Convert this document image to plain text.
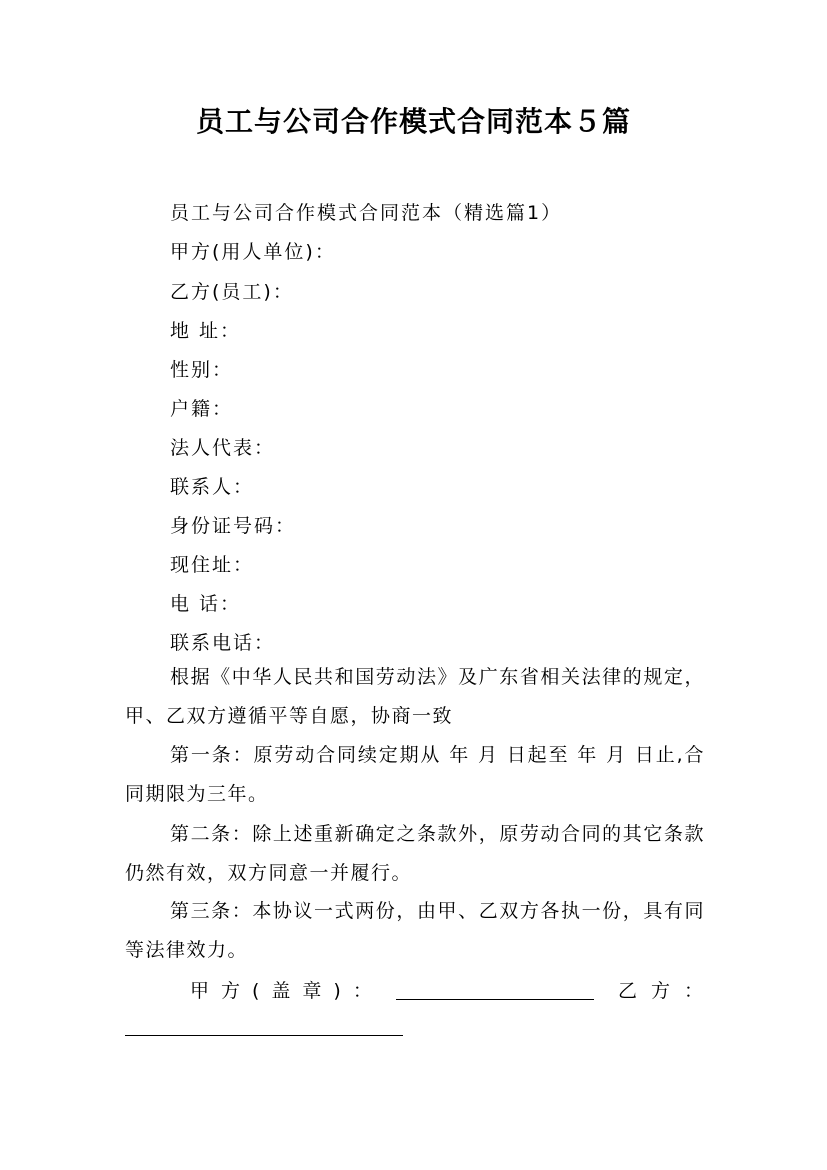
员工与公司合作模式合同范本５篇
员工与公司合作模式合同范本（精选篇1）
甲方(用人单位)：
乙方(员工)：
地 址：
性别：
户籍：
法人代表：
联系人：
身份证号码：
现住址：
电 话：
联系电话：
根据《中华人民共和国劳动法》及广东省相关法律的规定，甲、乙双方遵循平等自愿，协商一致
第一条：原劳动合同续定期从 年 月 日起至 年 月 日止,合同期限为三年。
第二条：除上述重新确定之条款外，原劳动合同的其它条款仍然有效，双方同意一并履行。
第三条：本协议一式两份，由甲、乙双方各执一份，具有同等法律效力。
甲方(盖章)：	乙方：
